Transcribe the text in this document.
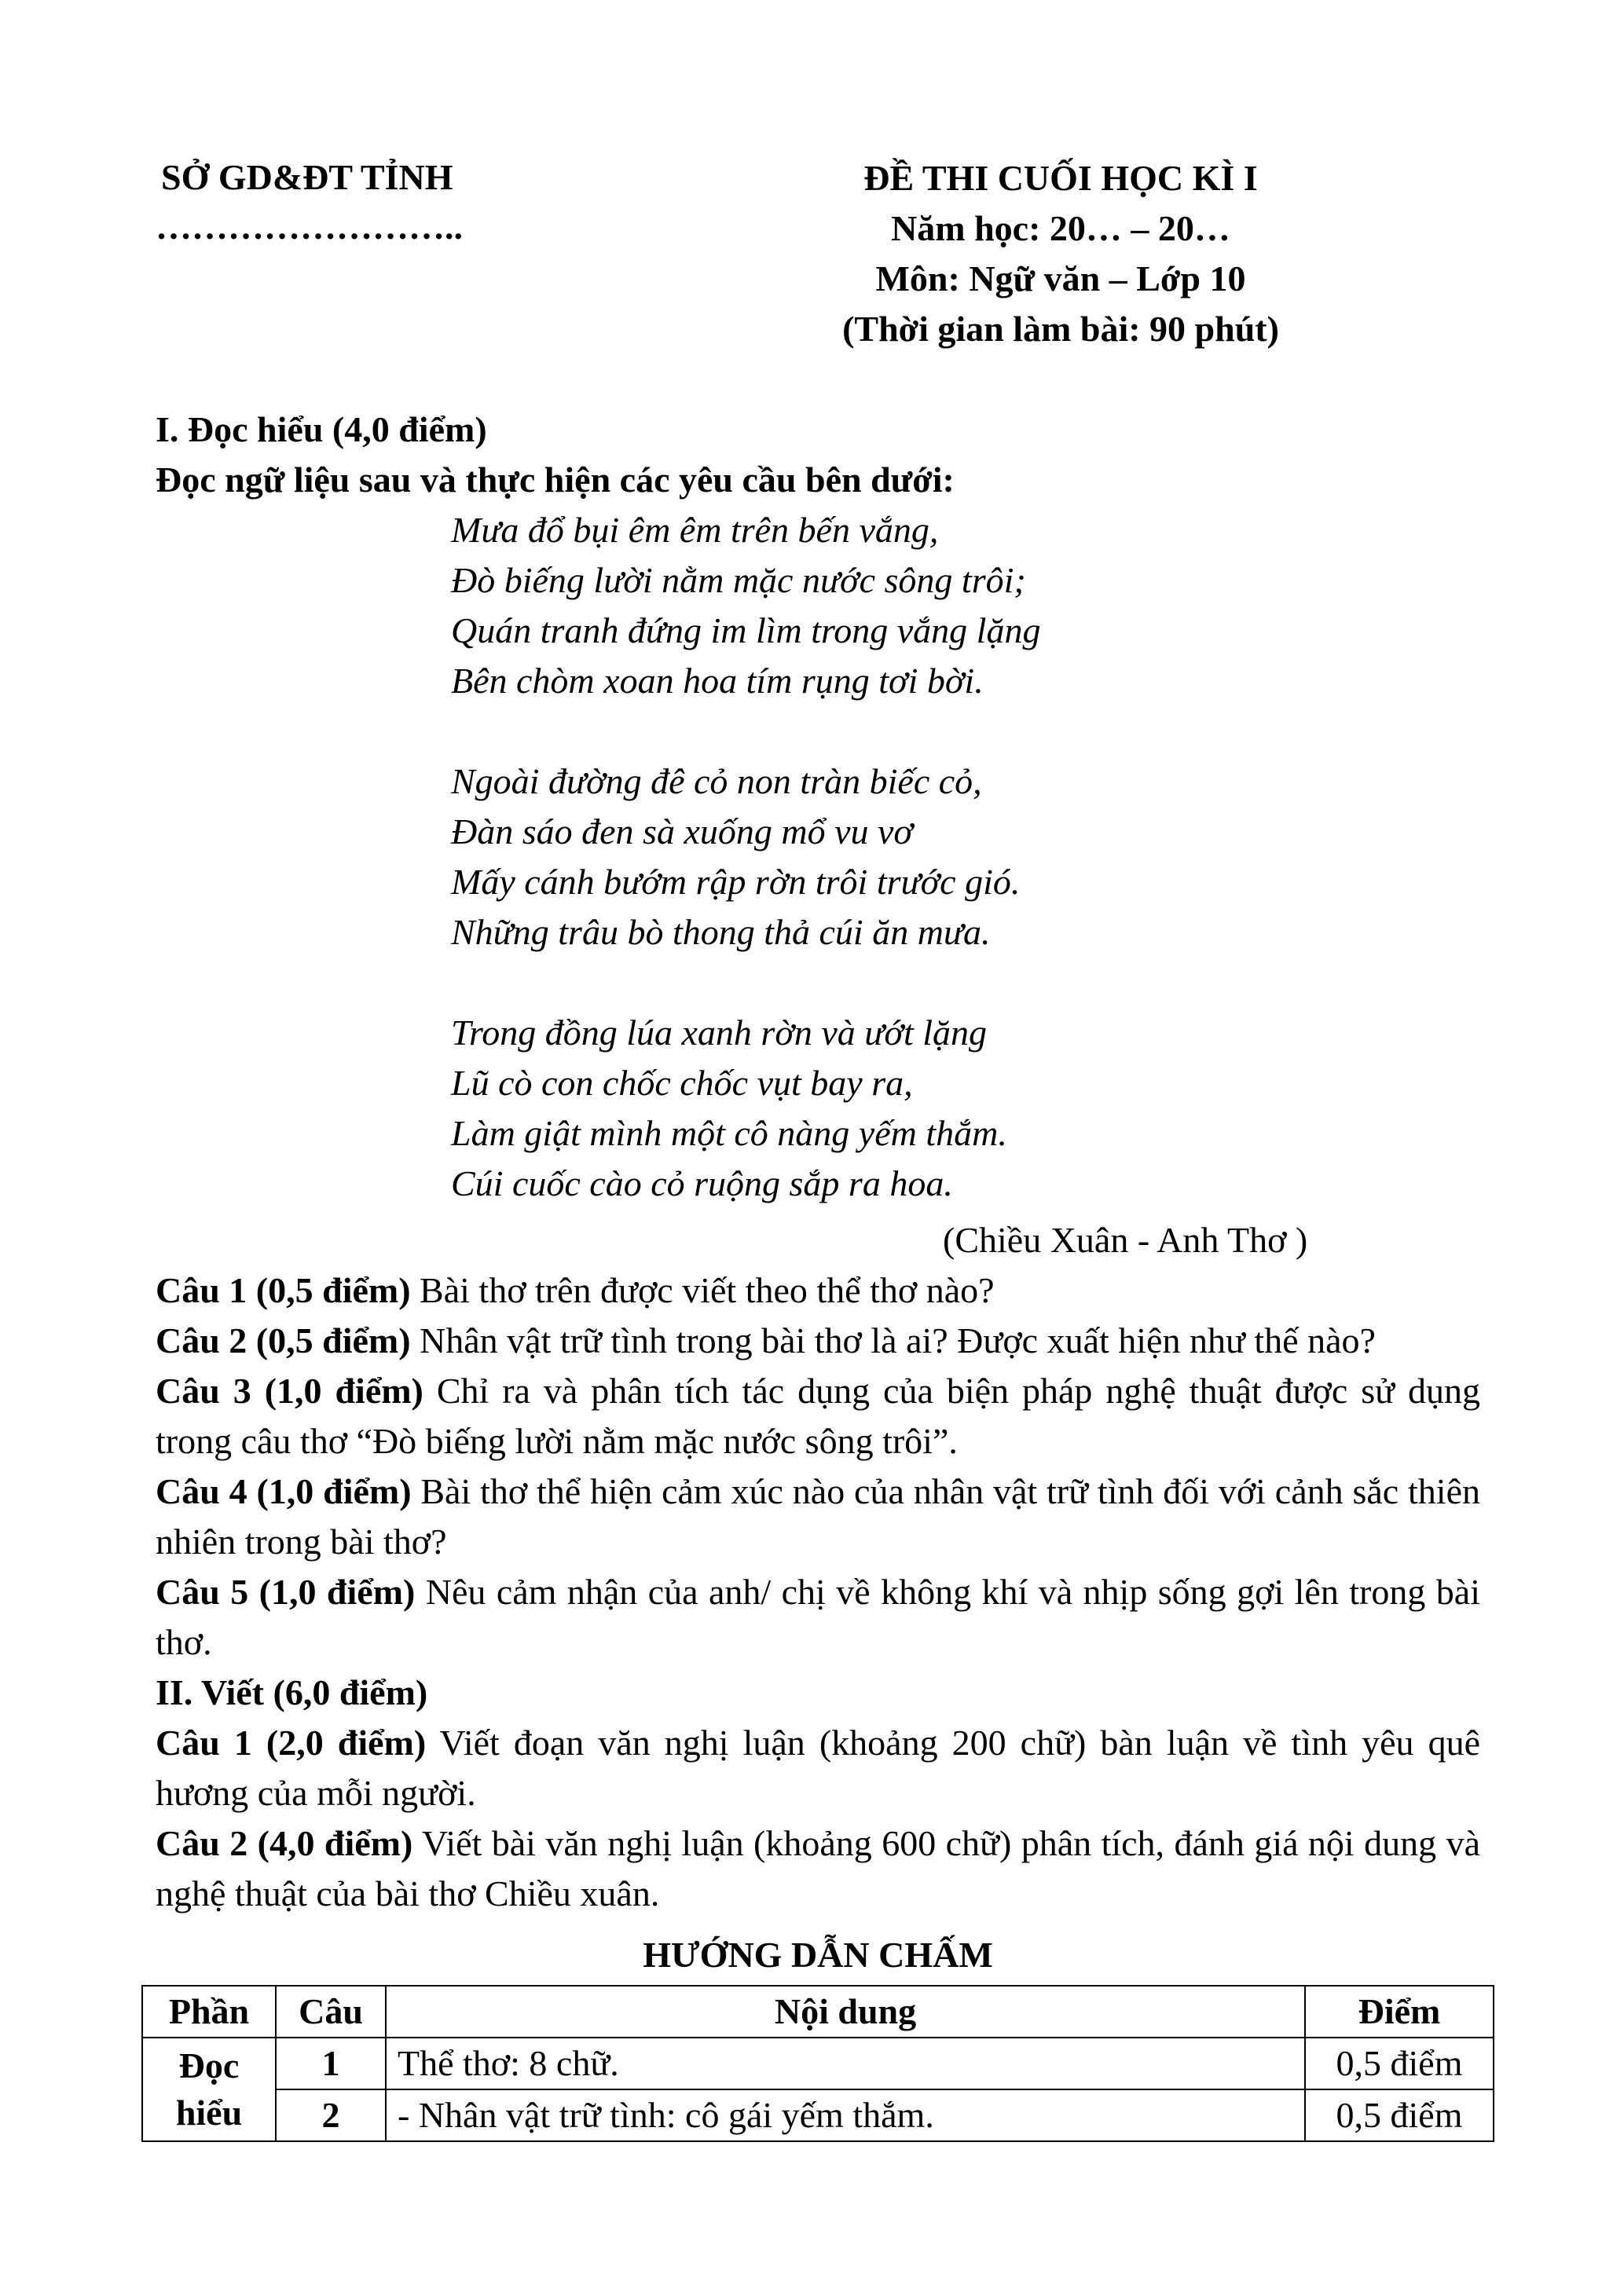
SỞ GD&ĐT TỈNH
……………………..
ĐỀ THI CUỐI HỌC KÌ I
Năm học: 20… – 20…
Môn: Ngữ văn – Lớp 10
(Thời gian làm bài: 90 phút)
I. Đọc hiểu (4,0 điểm)
Đọc ngữ liệu sau và thực hiện các yêu cầu bên dưới:
Mưa đổ bụi êm êm trên bến vắng,
Đò biếng lười nằm mặc nước sông trôi;
Quán tranh đứng im lìm trong vắng lặng
Bên chòm xoan hoa tím rụng tơi bời.
Ngoài đường đê cỏ non tràn biếc cỏ,
Đàn sáo đen sà xuống mổ vu vơ
Mấy cánh bướm rập rờn trôi trước gió.
Những trâu bò thong thả cúi ăn mưa.
Trong đồng lúa xanh rờn và ướt lặng
Lũ cò con chốc chốc vụt bay ra,
Làm giật mình một cô nàng yếm thắm.
Cúi cuốc cào cỏ ruộng sắp ra hoa.
(Chiều Xuân - Anh Thơ )

Câu 1 (0,5 điểm) Bài thơ trên được viết theo thể thơ nào?

Câu 2 (0,5 điểm) Nhân vật trữ tình trong bài thơ là ai? Được xuất hiện như thế nào?

Câu 3 (1,0 điểm) Chỉ ra và phân tích tác dụng của biện pháp nghệ thuật được sử dụng trong câu thơ “Đò biếng lười nằm mặc nước sông trôi”.

Câu 4 (1,0 điểm) Bài thơ thể hiện cảm xúc nào của nhân vật trữ tình đối với cảnh sắc thiên nhiên trong bài thơ?

Câu 5 (1,0 điểm) Nêu cảm nhận của anh/ chị về không khí và nhịp sống gợi lên trong bài thơ.

II. Viết (6,0 điểm)

Câu 1 (2,0 điểm) Viết đoạn văn nghị luận (khoảng 200 chữ) bàn luận về tình yêu quê hương của mỗi người.

Câu 2 (4,0 điểm) Viết bài văn nghị luận (khoảng 600 chữ) phân tích, đánh giá nội dung và nghệ thuật của bài thơ Chiều xuân.

HƯỚNG DẪN CHẤM
Phần	Câu	Nội dung	Điểm

Đọc
hiểu	1	Thể thơ: 8 chữ.	0,5 điểm
	2	- Nhân vật trữ tình: cô gái yếm thắm.	0,5 điểm
